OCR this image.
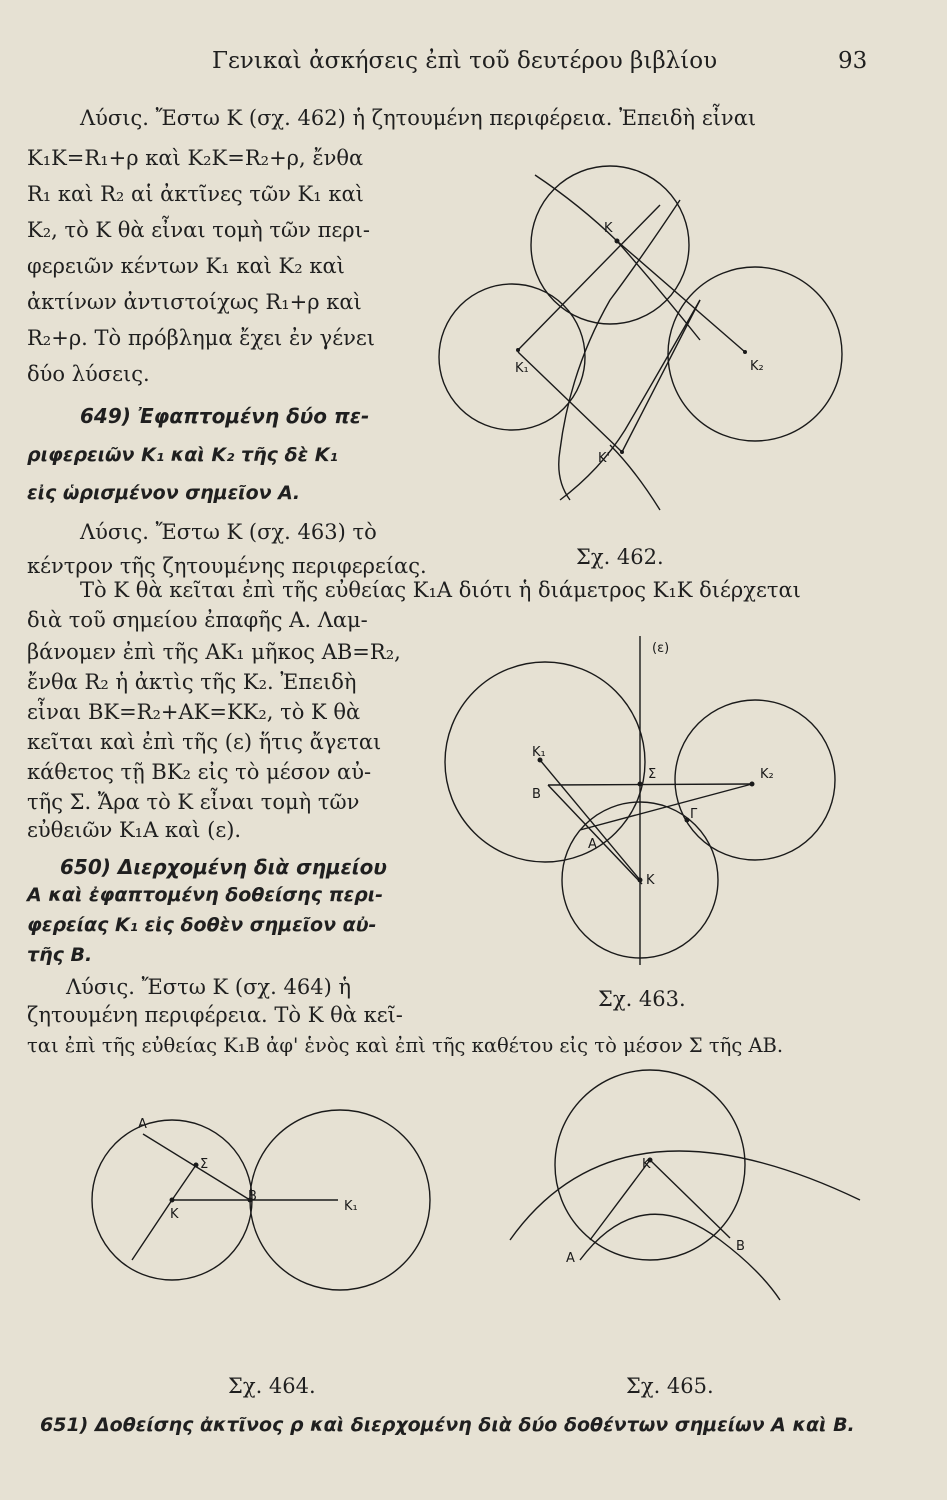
Γενικαὶ ἀσκήσεις ἐπὶ τοῦ δευτέρου βιβλίου	93
Λύσις. Ἔστω Κ (σχ. 462) ἡ ζητουμένη περιφέρεια. Ἐπειδὴ εἶναι
Κ₁Κ=R₁+ρ καὶ Κ₂Κ=R₂+ρ, ἔνθα
R₁ καὶ R₂ αἱ ἀκτῖνες τῶν Κ₁ καὶ
Κ₂, τὸ Κ θὰ εἶναι τομὴ τῶν περι-
φερειῶν κέντων Κ₁ καὶ Κ₂ καὶ
ἀκτίνων ἀντιστοίχως R₁+ρ καὶ
R₂+ρ. Τὸ πρόβλημα ἔχει ἐν γένει
δύο λύσεις.
649) Ἐφαπτομένη δύο πε-
ριφερειῶν Κ₁ καὶ Κ₂ τῆς δὲ Κ₁
εἰς ὡρισμένον σημεῖον Α.
Λύσις. Ἔστω Κ (σχ. 463) τὸ
κέντρον τῆς ζητουμένης περιφερείας.
Τὸ Κ θὰ κεῖται ἐπὶ τῆς εὐθείας Κ₁Α διότι ἡ διάμετρος Κ₁Κ διέρχεται
διὰ τοῦ σημείου ἐπαφῆς Α. Λαμ-
βάνομεν ἐπὶ τῆς ΑΚ₁ μῆκος ΑΒ=R₂,
ἔνθα R₂ ἡ ἀκτὶς τῆς Κ₂. Ἐπειδὴ
εἶναι ΒΚ=R₂+ΑΚ=ΚΚ₂, τὸ Κ θὰ
κεῖται καὶ ἐπὶ τῆς (ε) ἥτις ἄγεται
κάθετος τῇ ΒΚ₂ εἰς τὸ μέσον αὐ-
τῆς Σ. Ἄρα τὸ Κ εἶναι τομὴ τῶν
εὐθειῶν Κ₁Α καὶ (ε).
650) Διερχομένη διὰ σημείου
Α καὶ ἐφαπτομένη δοθείσης περι-
φερείας Κ₁ εἰς δοθὲν σημεῖον αὐ-
τῆς Β.
Λύσις. Ἔστω Κ (σχ. 464) ἡ
ζητουμένη περιφέρεια. Τὸ Κ θὰ κεῖ-
ται ἐπὶ τῆς εὐθείας Κ₁Β ἀφ' ἑνὸς καὶ ἐπὶ τῆς καθέτου εἰς τὸ μέσον Σ τῆς ΑΒ.
651) Δοθείσης ἀκτῖνος ρ καὶ διερχομένη διὰ δύο δοθέντων σημείων Α καὶ Β.
Κ
Κ₁	Κ₂
Κ'
(ε)
Κ₁
Β
Σ	Κ₂
Γ
Α
Κ
Α
Σ
Κ
Β
Κ₁
Κ
Α
Β
Σχ. 462.
Σχ. 463.
Σχ. 464.	Σχ. 465.
